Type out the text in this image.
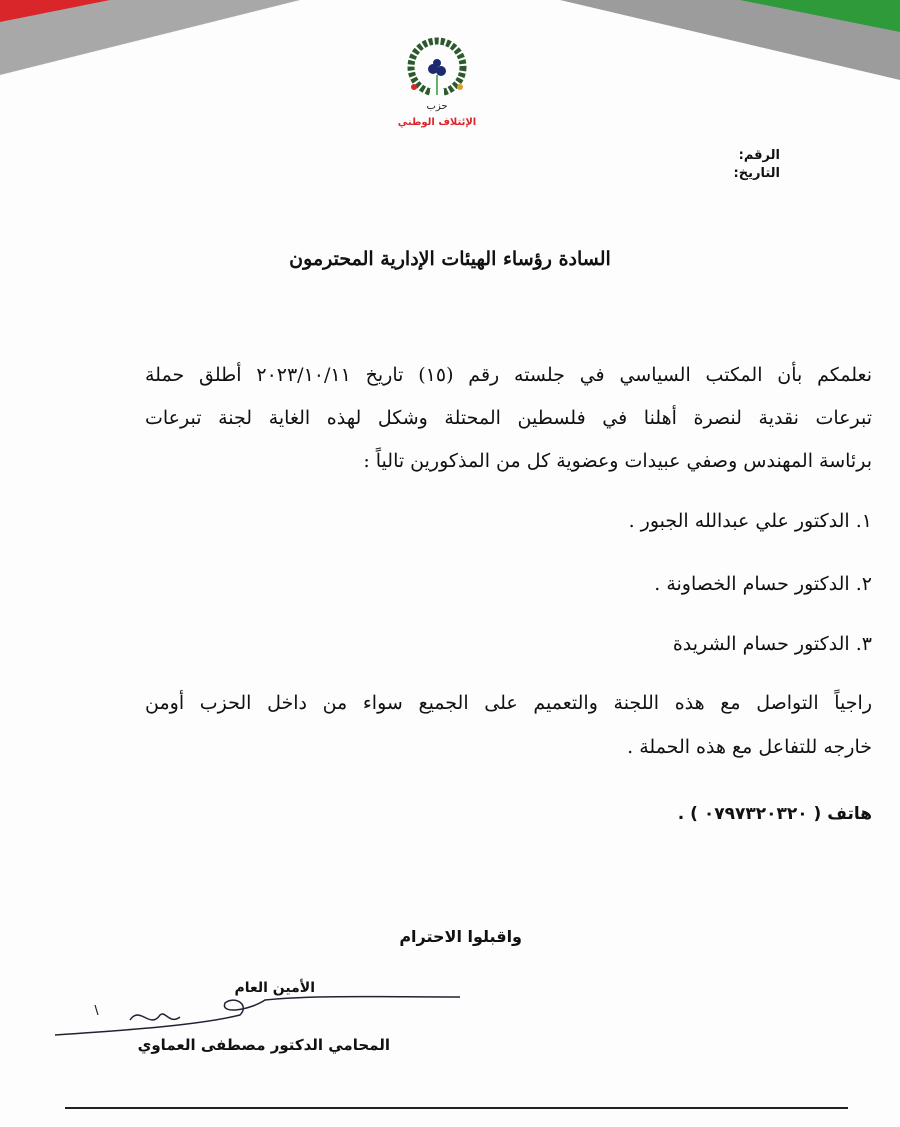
حزب
الإئتلاف الوطني
الرقم:
التاريخ:
السادة رؤساء الهيئات الإدارية المحترمون
نعلمكم بأن المكتب السياسي في جلسته رقم (١٥) تاريخ ٢٠٢٣/١٠/١١ أطلق حملة
تبرعات نقدية لنصرة أهلنا في فلسطين المحتلة وشكل لهذه الغاية لجنة تبرعات
برئاسة المهندس وصفي عبيدات وعضوية كل من المذكورين تالياً :
١. الدكتور علي عبدالله الجبور .
٢. الدكتور حسام الخصاونة .
٣. الدكتور حسام الشريدة
راجياً التواصل مع هذه اللجنة والتعميم على الجميع سواء من داخل الحزب أومن
خارجه للتفاعل مع هذه الحملة .
هاتف ( ٠٧٩٧٣٢٠٣٢٠ ) .
واقبلوا الاحترام
الأمين العام
المحامي الدكتور مصطفى العماوي
